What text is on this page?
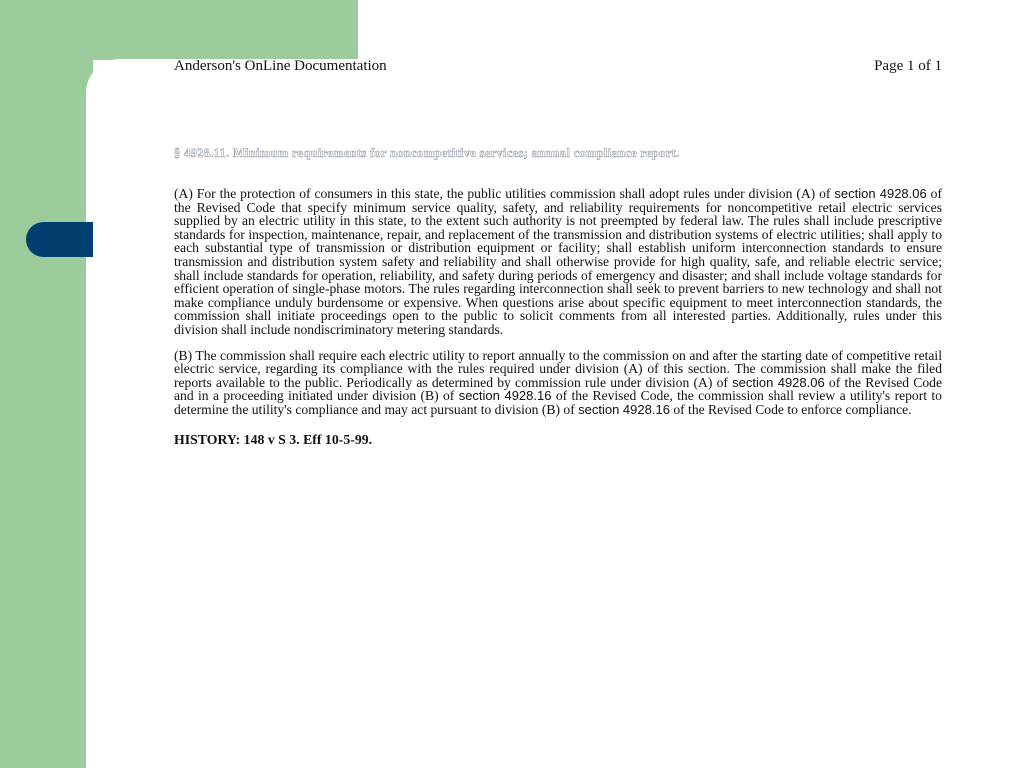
Anderson's OnLine Documentation	Page 1 of 1
§ 4928.11. Minimum requirements for noncompetitive services; annual compliance report.

(A) For the protection of consumers in this state, the public utilities commission shall adopt rules under division (A) of section 4928.06 of the Revised Code that specify minimum service quality, safety, and reliability requirements for noncompetitive retail electric services supplied by an electric utility in this state, to the extent such authority is not preempted by federal law. The rules shall include prescriptive standards for inspection, maintenance, repair, and replacement of the transmission and distribution systems of electric utilities; shall apply to each substantial type of transmission or distribution equipment or facility; shall establish uniform interconnection standards to ensure transmission and distribution system safety and reliability and shall otherwise provide for high quality, safe, and reliable electric service; shall include standards for operation, reliability, and safety during periods of emergency and disaster; and shall include voltage standards for efficient operation of single-phase motors. The rules regarding interconnection shall seek to prevent barriers to new technology and shall not make compliance unduly burdensome or expensive. When questions arise about specific equipment to meet interconnection standards, the commission shall initiate proceedings open to the public to solicit comments from all interested parties. Additionally, rules under this division shall include nondiscriminatory metering standards.

(B) The commission shall require each electric utility to report annually to the commission on and after the starting date of competitive retail electric service, regarding its compliance with the rules required under division (A) of this section. The commission shall make the filed reports available to the public. Periodically as determined by commission rule under division (A) of section 4928.06 of the Revised Code and in a proceeding initiated under division (B) of section 4928.16 of the Revised Code, the commission shall review a utility's report to determine the utility's compliance and may act pursuant to division (B) of section 4928.16 of the Revised Code to enforce compliance.

HISTORY: 148 v S 3. Eff 10-5-99.
